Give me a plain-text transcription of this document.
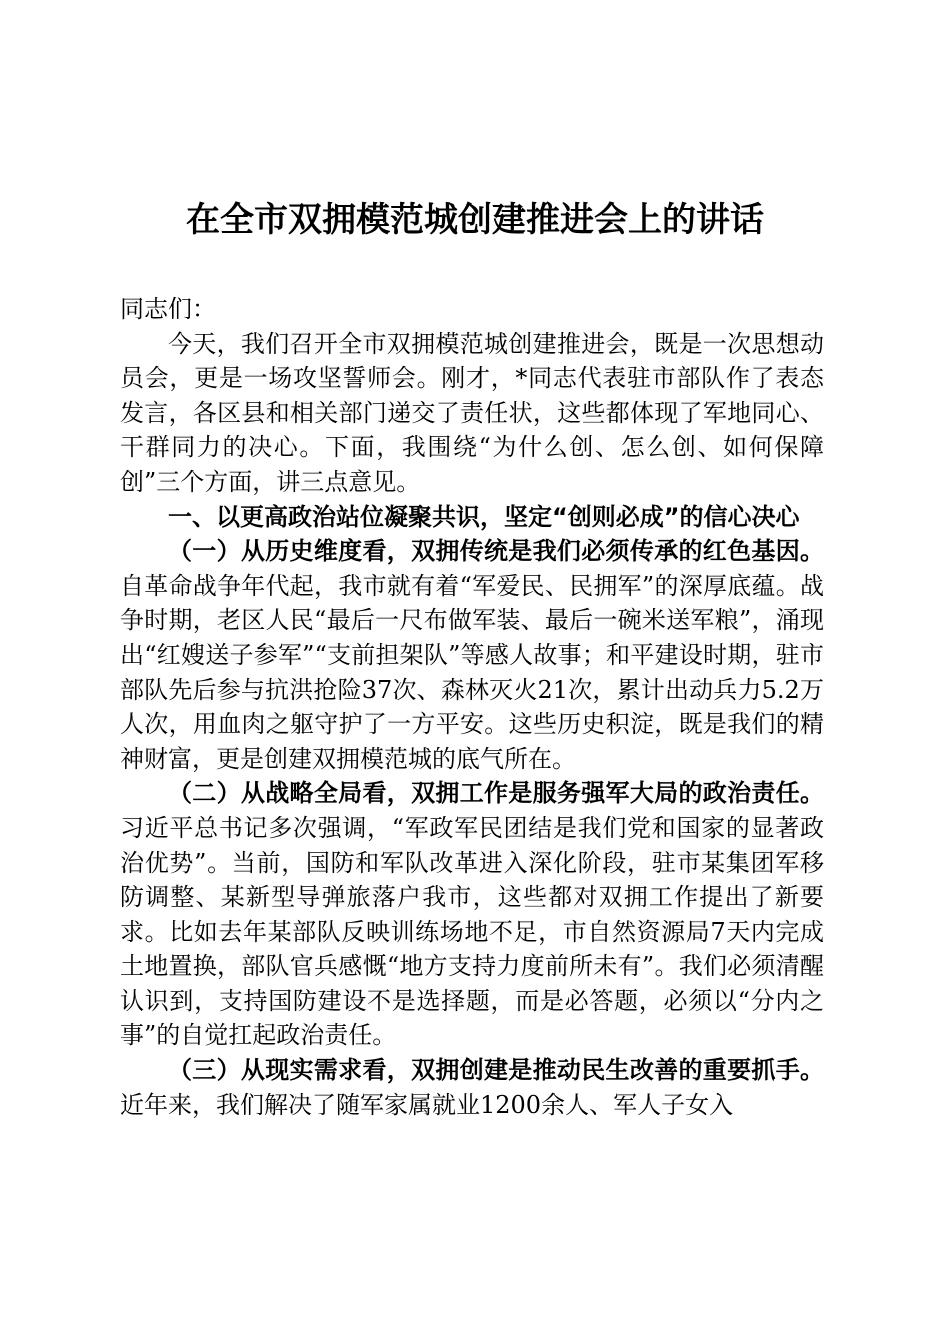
在全市双拥模范城创建推进会上的讲话

同志们：

今天，我们召开全市双拥模范城创建推进会，既是一次思想动员会，更是一场攻坚誓师会。刚才，*同志代表驻市部队作了表态发言，各区县和相关部门递交了责任状，这些都体现了军地同心、干群同力的决心。下面，我围绕“为什么创、怎么创、如何保障创”三个方面，讲三点意见。

一、以更高政治站位凝聚共识，坚定“创则必成”的信心决心

（一）从历史维度看，双拥传统是我们必须传承的红色基因。自革命战争年代起，我市就有着“军爱民、民拥军”的深厚底蕴。战争时期，老区人民“最后一尺布做军装、最后一碗米送军粮”，涌现出“红嫂送子参军”“支前担架队”等感人故事；和平建设时期，驻市部队先后参与抗洪抢险37次、森林灭火21次，累计出动兵力5.2万人次，用血肉之躯守护了一方平安。这些历史积淀，既是我们的精神财富，更是创建双拥模范城的底气所在。

（二）从战略全局看，双拥工作是服务强军大局的政治责任。习近平总书记多次强调，“军政军民团结是我们党和国家的显著政治优势”。当前，国防和军队改革进入深化阶段，驻市某集团军移防调整、某新型导弹旅落户我市，这些都对双拥工作提出了新要求。比如去年某部队反映训练场地不足，市自然资源局7天内完成土地置换，部队官兵感慨“地方支持力度前所未有”。我们必须清醒认识到，支持国防建设不是选择题，而是必答题，必须以“分内之事”的自觉扛起政治责任。

（三）从现实需求看，双拥创建是推动民生改善的重要抓手。近年来，我们解决了随军家属就业1200余人、军人子女入
